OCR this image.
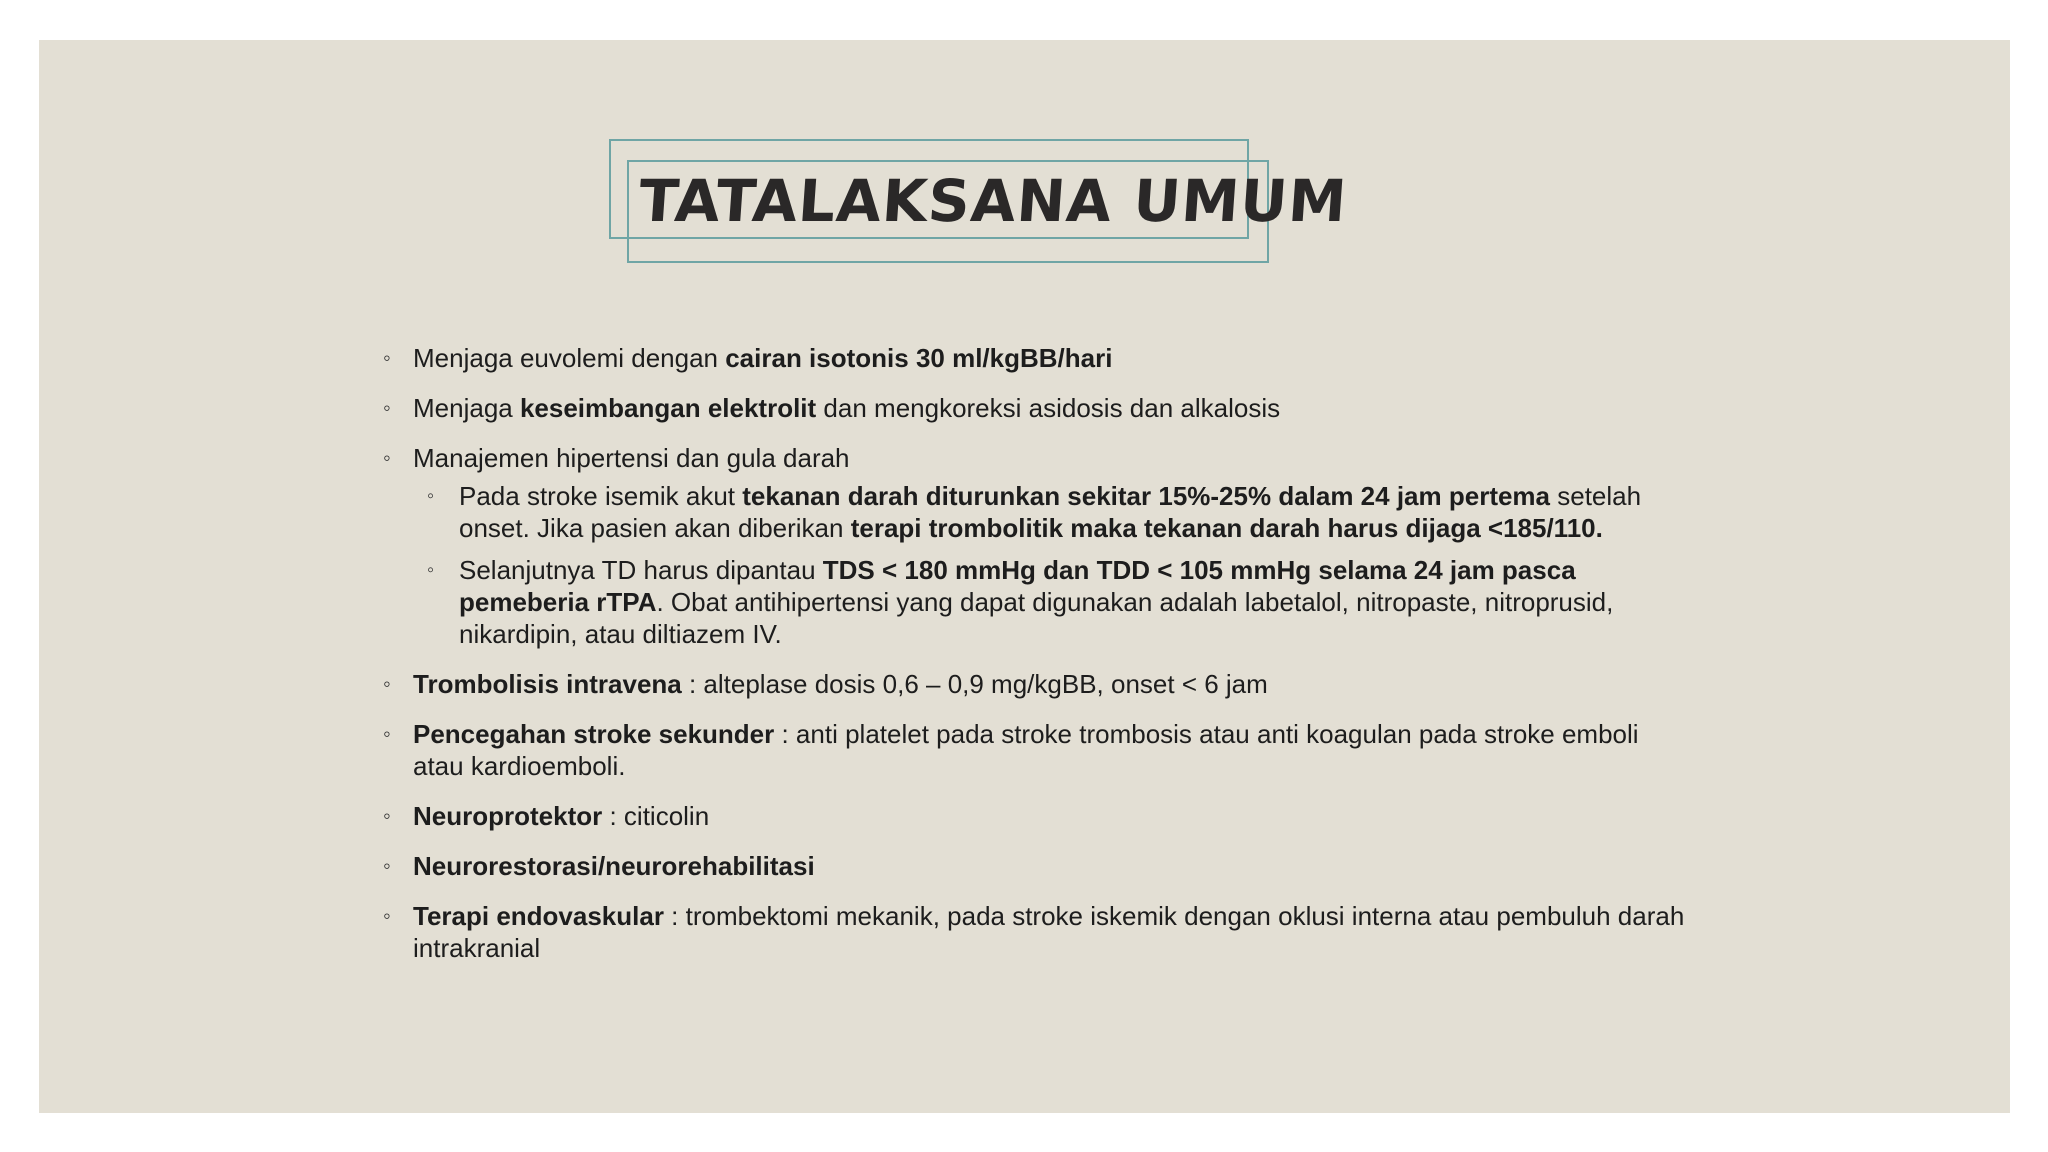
TATALAKSANA UMUM
◦ Menjaga euvolemi dengan cairan isotonis 30 ml/kgBB/hari
◦ Menjaga keseimbangan elektrolit dan mengkoreksi asidosis dan alkalosis
◦ Manajemen hipertensi dan gula darah
◦ Pada stroke isemik akut tekanan darah diturunkan sekitar 15%-25% dalam 24 jam pertema setelah onset. Jika pasien akan diberikan terapi trombolitik maka tekanan darah harus dijaga <185/110.
◦ Selanjutnya TD harus dipantau TDS < 180 mmHg dan TDD < 105 mmHg selama 24 jam pasca pemeberia rTPA. Obat antihipertensi yang dapat digunakan adalah labetalol, nitropaste, nitroprusid, nikardipin, atau diltiazem IV.
◦ Trombolisis intravena : alteplase dosis 0,6 – 0,9 mg/kgBB, onset < 6 jam
◦ Pencegahan stroke sekunder : anti platelet pada stroke trombosis atau anti koagulan pada stroke emboli atau kardioemboli.
◦ Neuroprotektor : citicolin
◦ Neurorestorasi/neurorehabilitasi
◦ Terapi endovaskular : trombektomi mekanik, pada stroke iskemik dengan oklusi interna atau pembuluh darah intrakranial
